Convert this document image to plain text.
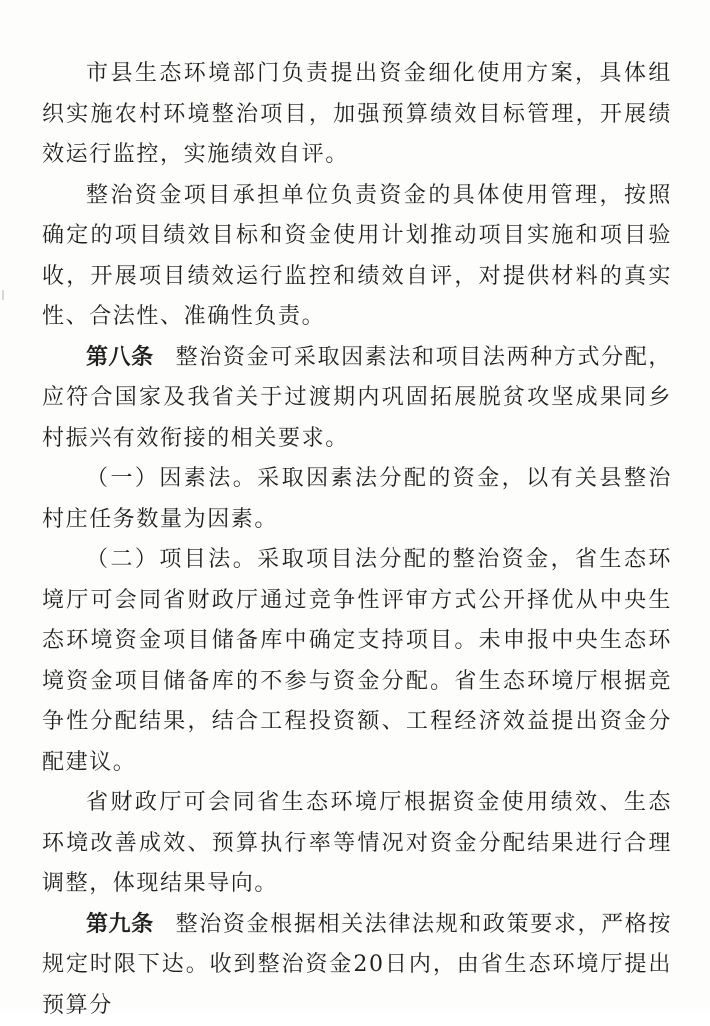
市县生态环境部门负责提出资金细化使用方案，具体组织实施农村环境整治项目，加强预算绩效目标管理，开展绩效运行监控，实施绩效自评。

整治资金项目承担单位负责资金的具体使用管理，按照确定的项目绩效目标和资金使用计划推动项目实施和项目验收，开展项目绩效运行监控和绩效自评，对提供材料的真实性、合法性、准确性负责。

第八条 整治资金可采取因素法和项目法两种方式分配，应符合国家及我省关于过渡期内巩固拓展脱贫攻坚成果同乡村振兴有效衔接的相关要求。

（一）因素法。采取因素法分配的资金，以有关县整治村庄任务数量为因素。

（二）项目法。采取项目法分配的整治资金，省生态环境厅可会同省财政厅通过竞争性评审方式公开择优从中央生态环境资金项目储备库中确定支持项目。未申报中央生态环境资金项目储备库的不参与资金分配。省生态环境厅根据竞争性分配结果，结合工程投资额、工程经济效益提出资金分配建议。

省财政厅可会同省生态环境厅根据资金使用绩效、生态环境改善成效、预算执行率等情况对资金分配结果进行合理调整，体现结果导向。

第九条 整治资金根据相关法律法规和政策要求，严格按规定时限下达。收到整治资金20日内，由省生态环境厅提出预算分
